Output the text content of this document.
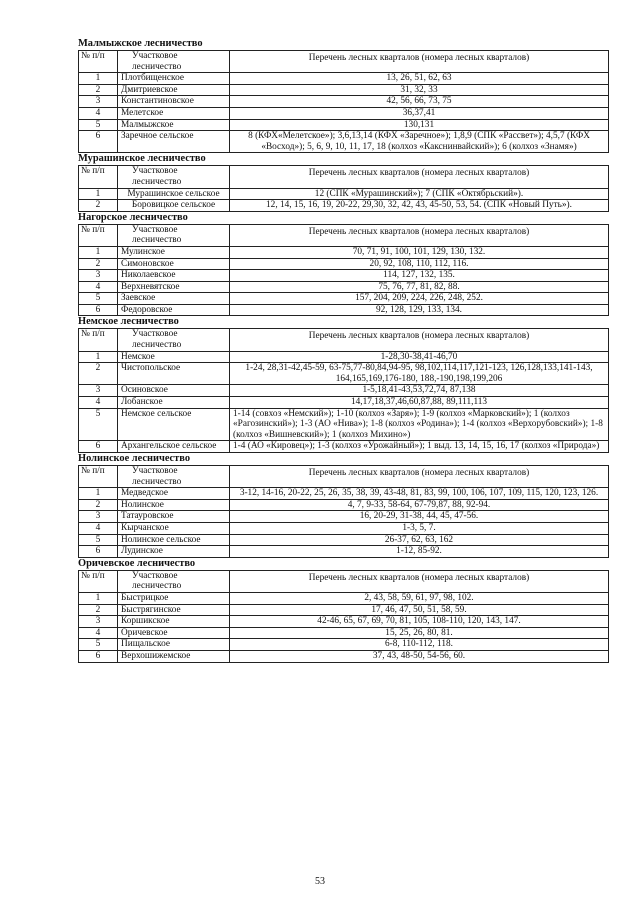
Малмыжское лесничество
№ п/п	Участковое лесничество	Перечень лесных кварталов (номера лесных кварталов)
1	Плотбищенское	13, 26, 51, 62, 63
2	Дмитриевское	31, 32, 33
3	Константиновское	42, 56, 66, 73, 75
4	Мелетское	36,37,41
5	Малмыжское	130,131
6	Заречное сельское	8 (КФХ«Мелетское»); 3,6,13,14 (КФХ «Заречное»); 1,8,9 (СПК «Рассвет»); 4,5,7 (КФХ «Восход»); 5, 6, 9, 10, 11, 17, 18 (колхоз «Какснинвайский»); 6 (колхоз «Знамя»)
Мурашинское лесничество
№ п/п	Участковое лесничество	Перечень лесных кварталов (номера лесных кварталов)
1	Мурашинское сельское	12 (СПК «Мурашинский»); 7 (СПК «Октябрьский»).
2	Боровицкое сельское	12, 14, 15, 16, 19, 20-22, 29,30, 32, 42, 43, 45-50, 53, 54. (СПК «Новый Путь»).
Нагорское лесничество
№ п/п	Участковое лесничество	Перечень лесных кварталов (номера лесных кварталов)
1	Мулинское	70, 71, 91, 100, 101, 129, 130, 132.
2	Симоновское	20, 92, 108, 110, 112, 116.
3	Николаевское	114, 127, 132, 135.
4	Верхневятское	75, 76, 77, 81, 82, 88.
5	Заевское	157, 204, 209, 224, 226, 248, 252.
6	Федоровское	92, 128, 129, 133, 134.
Немское лесничество
№ п/п	Участковое лесничество	Перечень лесных кварталов (номера лесных кварталов)
1	Немское	1-28,30-38,41-46,70
2	Чистопольское	1-24, 28,31-42,45-59, 63-75,77-80,84,94-95, 98,102,114,117,121-123, 126,128,133,141-143, 164,165,169,176-180, 188,-190,198,199,206
3	Осиновское	1-5,18,41-43,53,72,74, 87,138
4	Лобанское	14,17,18,37,46,60,87,88, 89,111,113
5	Немское сельское	1-14 (совхоз «Немский»); 1-10 (колхоз «Заря»); 1-9 (колхоз «Марковский»); 1 (колхоз «Рагозинский»); 1-3 (АО «Нива»); 1-8 (колхоз «Родина»); 1-4 (колхоз «Верхорубовский»); 1-8 (колхоз «Вишневский»); 1 (колхоз Михино»)
6	Архангельское сельское	1-4 (АО «Кировец»); 1-3 (колхоз «Урожайный»); 1 выд. 13, 14, 15, 16, 17 (колхоз «Природа»)
Нолинское лесничество
№ п/п	Участковое лесничество	Перечень лесных кварталов (номера лесных кварталов)
1	Медведское	3-12, 14-16, 20-22, 25, 26, 35, 38, 39, 43-48, 81, 83, 99, 100, 106, 107, 109, 115, 120, 123, 126.
2	Нолинское	4, 7, 9-33, 58-64, 67-79,87, 88, 92-94.
3	Татауровское	16, 20-29, 31-38, 44, 45, 47-56.
4	Кырчанское	1-3, 5, 7.
5	Нолинское сельское	26-37, 62, 63, 162
6	Лудинское	1-12, 85-92.
Оричевское лесничество
№ п/п	Участковое лесничество	Перечень лесных кварталов (номера лесных кварталов)
1	Быстрицкое	2, 43, 58, 59, 61, 97, 98, 102.
2	Быстрягинское	17, 46, 47, 50, 51, 58, 59.
3	Коршикское	42-46, 65, 67, 69, 70, 81, 105, 108-110, 120, 143, 147.
4	Оричевское	15, 25, 26, 80, 81.
5	Пищальское	6-8, 110-112, 118.
6	Верхошижемское	37, 43, 48-50, 54-56, 60.
53
